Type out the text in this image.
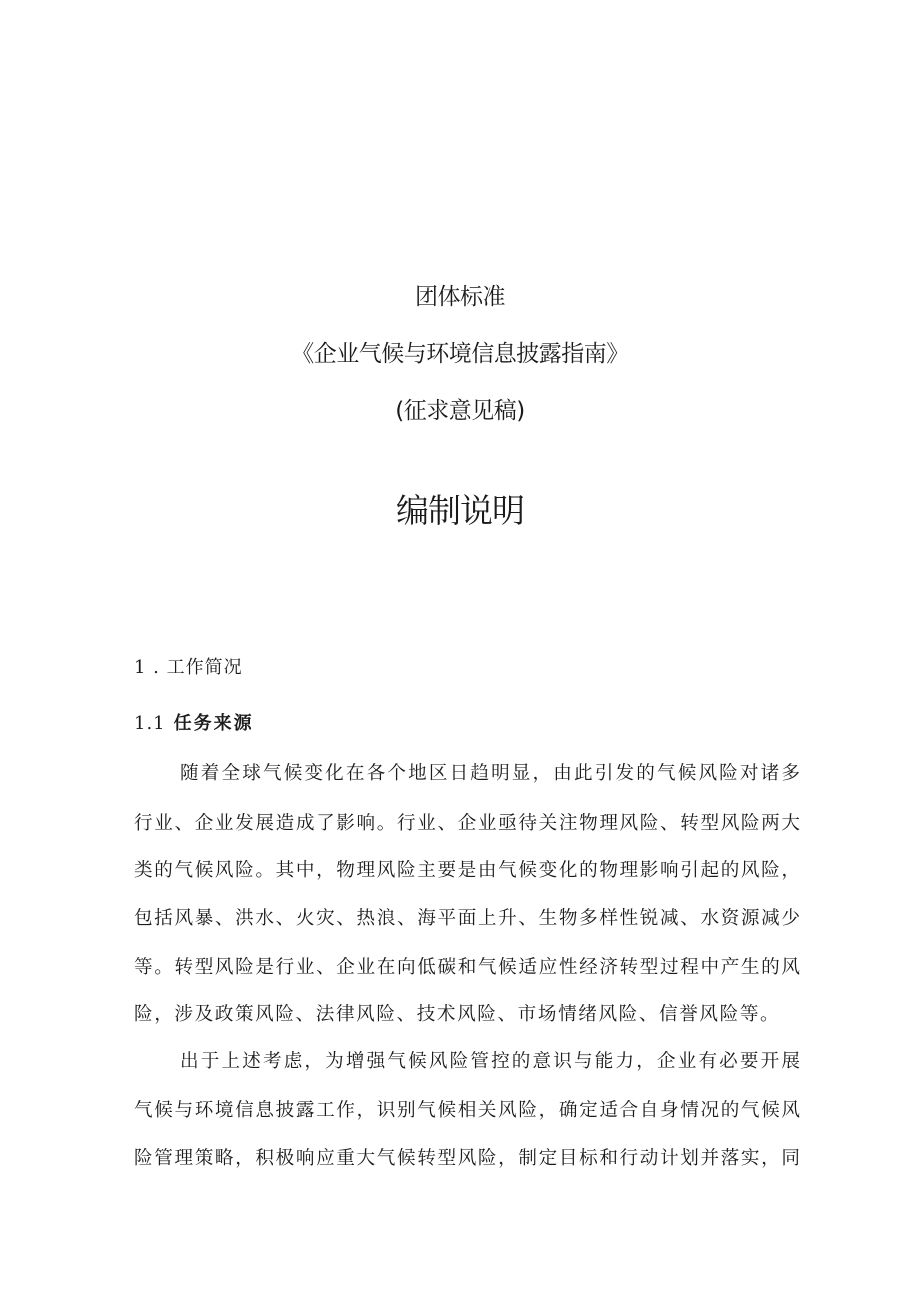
团体标准
《企业气候与环境信息披露指南》
(征求意见稿)
编制说明
1 . 工作简况
1.1 任务来源

随着全球气候变化在各个地区日趋明显，由此引发的气候风险对诸多

行业、企业发展造成了影响。行业、企业亟待关注物理风险、转型风险两大

类的气候风险。其中，物理风险主要是由气候变化的物理影响引起的风险，

包括风暴、洪水、火灾、热浪、海平面上升、生物多样性锐减、水资源减少

等。转型风险是行业、企业在向低碳和气候适应性经济转型过程中产生的风

险，涉及政策风险、法律风险、技术风险、市场情绪风险、信誉风险等。

出于上述考虑，为增强气候风险管控的意识与能力，企业有必要开展

气候与环境信息披露工作，识别气候相关风险，确定适合自身情况的气候风

险管理策略，积极响应重大气候转型风险，制定目标和行动计划并落实，同
